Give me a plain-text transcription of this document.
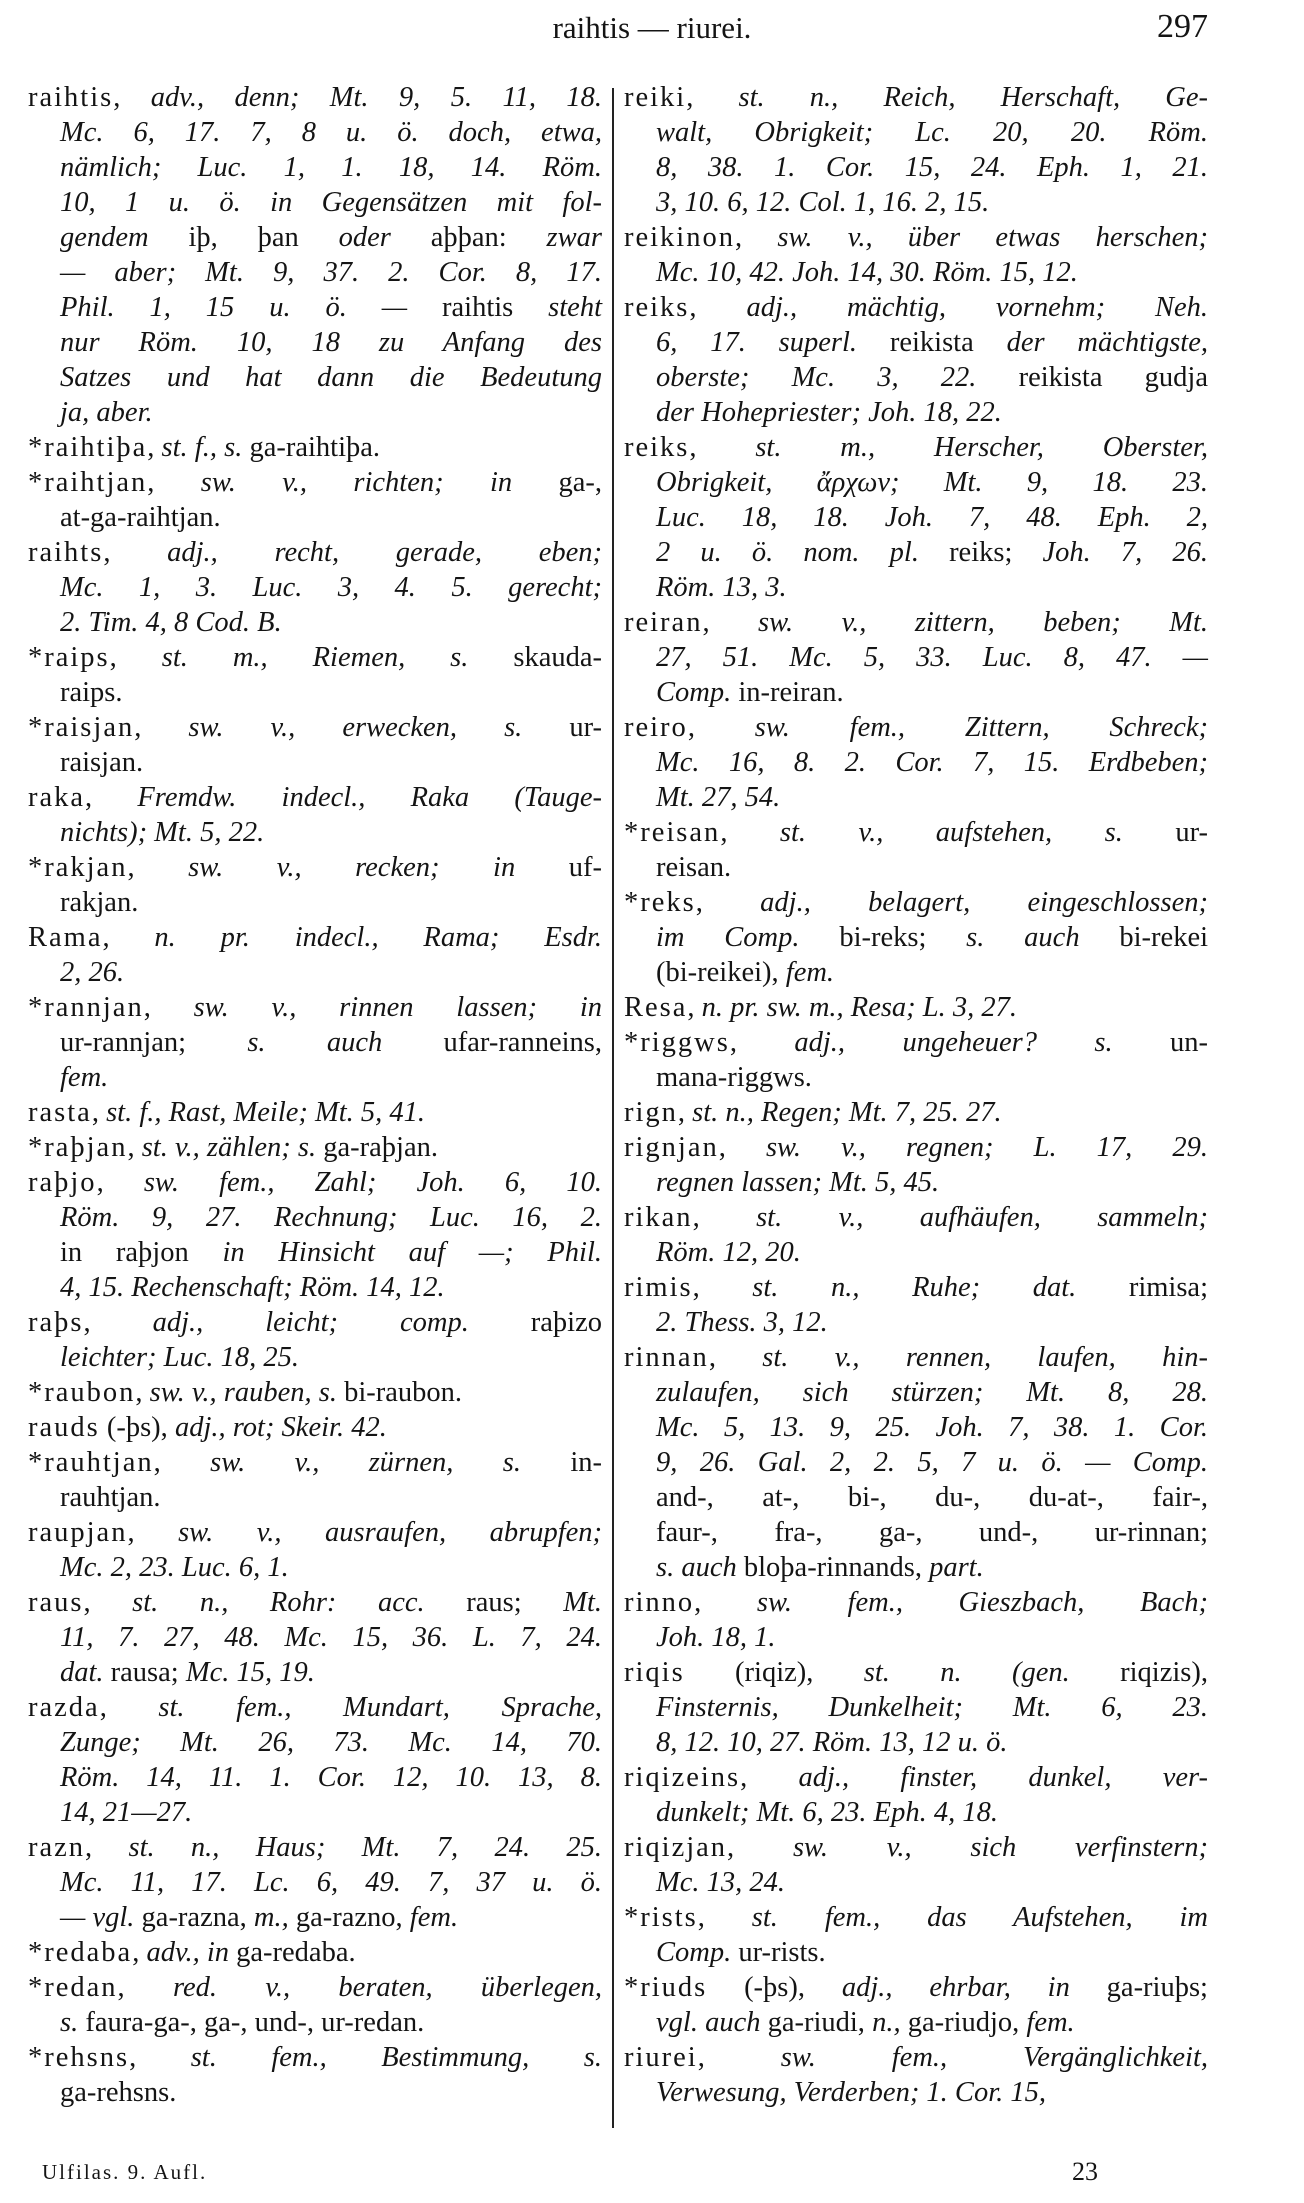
raihtis — riurei.	297
raihtis, adv., denn; Mt. 9, 5. 11, 18.
Mc. 6, 17. 7, 8 u. ö. doch, etwa,
nämlich; Luc. 1, 1. 18, 14. Röm.
10, 1 u. ö. in Gegensätzen mit fol-
gendem iþ, þan oder aþþan: zwar
— aber; Mt. 9, 37. 2. Cor. 8, 17.
Phil. 1, 15 u. ö. — raihtis steht
nur Röm. 10, 18 zu Anfang des
Satzes und hat dann die Bedeutung
ja, aber.
*raihtiþa, st. f., s. ga-raihtiþa.
*raihtjan, sw. v., richten; in ga-,
at-ga-raihtjan.
raihts, adj., recht, gerade, eben;
Mc. 1, 3. Luc. 3, 4. 5. gerecht;
2. Tim. 4, 8 Cod. B.
*raips, st. m., Riemen, s. skauda-
raips.
*raisjan, sw. v., erwecken, s. ur-
raisjan.
raka, Fremdw. indecl., Raka (Tauge-
nichts); Mt. 5, 22.
*rakjan, sw. v., recken; in uf-
rakjan.
Rama, n. pr. indecl., Rama; Esdr.
2, 26.
*rannjan, sw. v., rinnen lassen; in
ur-rannjan; s. auch ufar-ranneins,
fem.
rasta, st. f., Rast, Meile; Mt. 5, 41.
*raþjan, st. v., zählen; s. ga-raþjan.
raþjo, sw. fem., Zahl; Joh. 6, 10.
Röm. 9, 27. Rechnung; Luc. 16, 2.
in raþjon in Hinsicht auf —; Phil.
4, 15. Rechenschaft; Röm. 14, 12.
raþs, adj., leicht; comp. raþizo
leichter; Luc. 18, 25.
*raubon, sw. v., rauben, s. bi-raubon.
rauds (-þs), adj., rot; Skeir. 42.
*rauhtjan, sw. v., zürnen, s. in-
rauhtjan.
raupjan, sw. v., ausraufen, abrupfen;
Mc. 2, 23. Luc. 6, 1.
raus, st. n., Rohr: acc. raus; Mt.
11, 7. 27, 48. Mc. 15, 36. L. 7, 24.
dat. rausa; Mc. 15, 19.
razda, st. fem., Mundart, Sprache,
Zunge; Mt. 26, 73. Mc. 14, 70.
Röm. 14, 11. 1. Cor. 12, 10. 13, 8.
14, 21—27.
razn, st. n., Haus; Mt. 7, 24. 25.
Mc. 11, 17. Lc. 6, 49. 7, 37 u. ö.
— vgl. ga-razna, m., ga-razno, fem.
*redaba, adv., in ga-redaba.
*redan, red. v., beraten, überlegen,
s. faura-ga-, ga-, und-, ur-redan.
*rehsns, st. fem., Bestimmung, s.
ga-rehsns.
reiki, st. n., Reich, Herschaft, Ge-
walt, Obrigkeit; Lc. 20, 20. Röm.
8, 38. 1. Cor. 15, 24. Eph. 1, 21.
3, 10. 6, 12. Col. 1, 16. 2, 15.
reikinon, sw. v., über etwas herschen;
Mc. 10, 42. Joh. 14, 30. Röm. 15, 12.
reiks, adj., mächtig, vornehm; Neh.
6, 17. superl. reikista der mächtigste,
oberste; Mc. 3, 22. reikista gudja
der Hohepriester; Joh. 18, 22.
reiks, st. m., Herscher, Oberster,
Obrigkeit, ἄρχων; Mt. 9, 18. 23.
Luc. 18, 18. Joh. 7, 48. Eph. 2,
2 u. ö. nom. pl. reiks; Joh. 7, 26.
Röm. 13, 3.
reiran, sw. v., zittern, beben; Mt.
27, 51. Mc. 5, 33. Luc. 8, 47. —
Comp. in-reiran.
reiro, sw. fem., Zittern, Schreck;
Mc. 16, 8. 2. Cor. 7, 15. Erdbeben;
Mt. 27, 54.
*reisan, st. v., aufstehen, s. ur-
reisan.
*reks, adj., belagert, eingeschlossen;
im Comp. bi-reks; s. auch bi-rekei
(bi-reikei), fem.
Resa, n. pr. sw. m., Resa; L. 3, 27.
*riggws, adj., ungeheuer? s. un-
mana-riggws.
rign, st. n., Regen; Mt. 7, 25. 27.
rignjan, sw. v., regnen; L. 17, 29.
regnen lassen; Mt. 5, 45.
rikan, st. v., aufhäufen, sammeln;
Röm. 12, 20.
rimis, st. n., Ruhe; dat. rimisa;
2. Thess. 3, 12.
rinnan, st. v., rennen, laufen, hin-
zulaufen, sich stürzen; Mt. 8, 28.
Mc. 5, 13. 9, 25. Joh. 7, 38. 1. Cor.
9, 26. Gal. 2, 2. 5, 7 u. ö. — Comp.
and-, at-, bi-, du-, du-at-, fair-,
faur-, fra-, ga-, und-, ur-rinnan;
s. auch bloþa-rinnands, part.
rinno, sw. fem., Gieszbach, Bach;
Joh. 18, 1.
riqis (riqiz), st. n. (gen. riqizis),
Finsternis, Dunkelheit; Mt. 6, 23.
8, 12. 10, 27. Röm. 13, 12 u. ö.
riqizeins, adj., finster, dunkel, ver-
dunkelt; Mt. 6, 23. Eph. 4, 18.
riqizjan, sw. v., sich verfinstern;
Mc. 13, 24.
*rists, st. fem., das Aufstehen, im
Comp. ur-rists.
*riuds (-þs), adj., ehrbar, in ga-riuþs;
vgl. auch ga-riudi, n., ga-riudjo, fem.
riurei, sw. fem., Vergänglichkeit,
Verwesung, Verderben; 1. Cor. 15,
Ulfilas. 9. Aufl.	23
